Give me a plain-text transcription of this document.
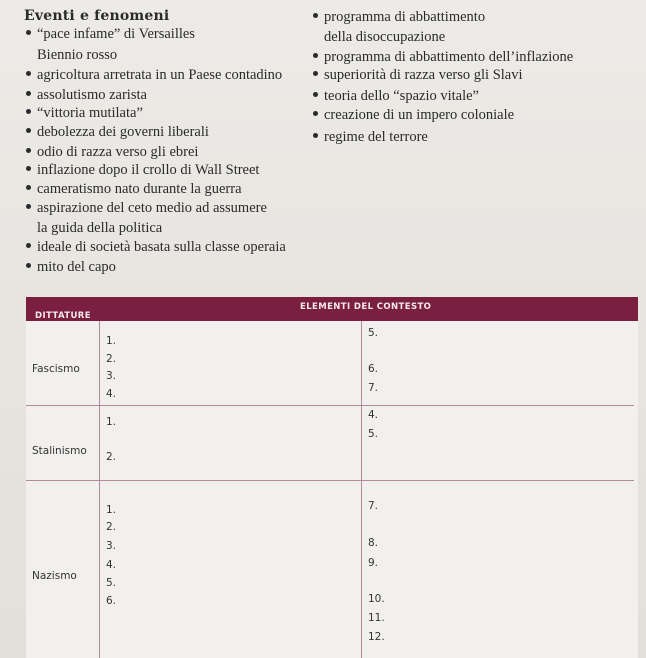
Eventi e fenomeni
“pace infame” di Versailles
Biennio rosso
agricoltura arretrata in un Paese contadino
assolutismo zarista
“vittoria mutilata”
debolezza dei governi liberali
odio di razza verso gli ebrei
inflazione dopo il crollo di Wall Street
cameratismo nato durante la guerra
aspirazione del ceto medio ad assumere
la guida della politica
ideale di società basata sulla classe operaia
mito del capo
programma di abbattimento
della disoccupazione
programma di abbattimento dell’inflazione
superiorità di razza verso gli Slavi
teoria dello “spazio vitale”
creazione di un impero coloniale
regime del terrore
DITTATURE
ELEMENTI DEL CONTESTO
Fascismo
1.
2.
3.
4.
5.
6.
7.
Stalinismo
1.
2.
4.
5.
Nazismo
1.
2.
3.
4.
5.
6.
7.
8.
9.
10.
11.
12.
